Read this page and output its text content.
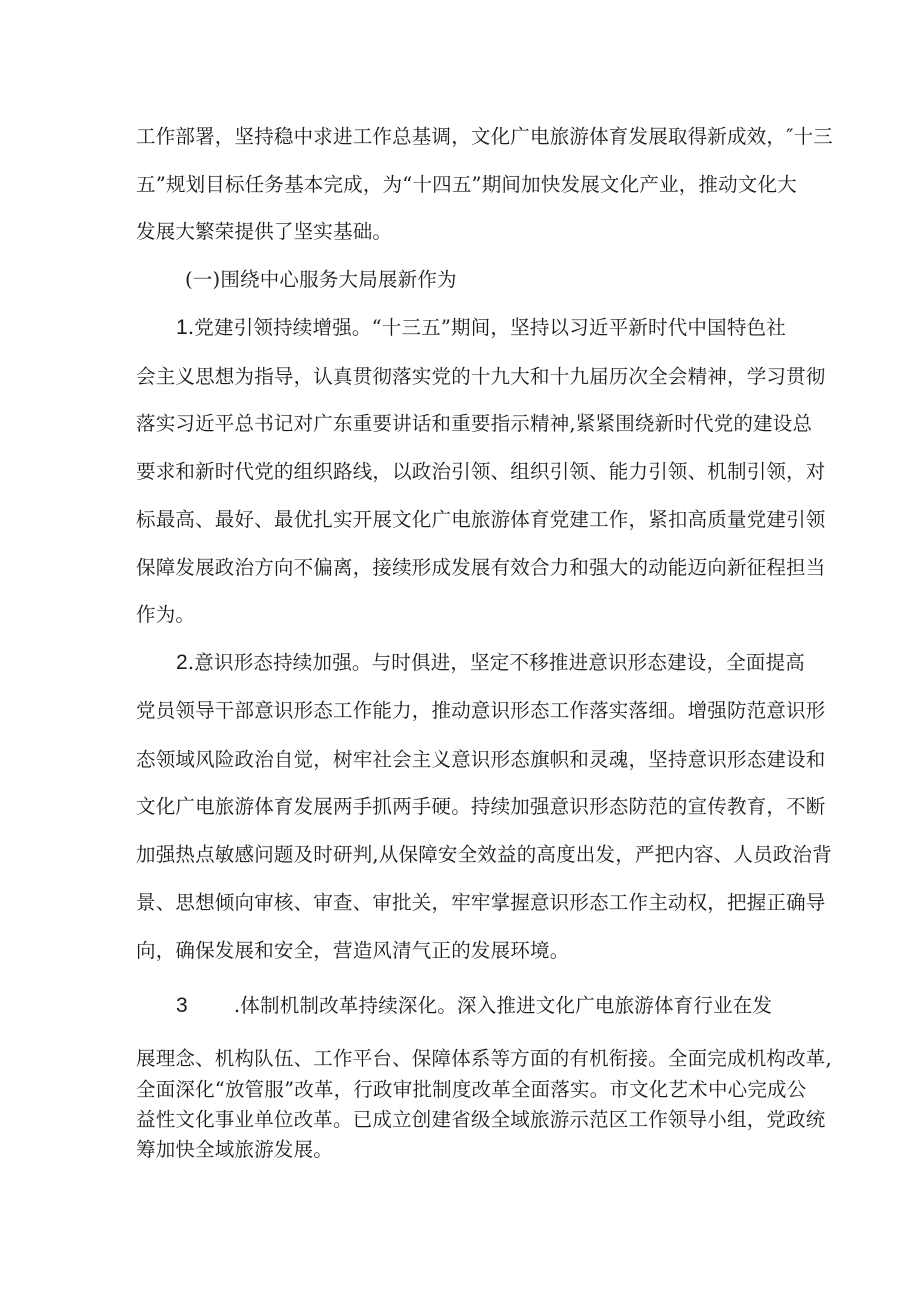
工作部署，坚持稳中求进工作总基调，文化广电旅游体育发展取得新成效，″十三
五”规划目标任务基本完成，为“十四五”期间加快发展文化产业，推动文化大
发展大繁荣提供了坚实基础。
(一)围绕中心服务大局展新作为
1.党建引领持续增强。“十三五”期间，坚持以习近平新时代中国特色社
会主义思想为指导，认真贯彻落实党的十九大和十九届历次全会精神，学习贯彻
落实习近平总书记对广东重要讲话和重要指示精神,紧紧围绕新时代党的建设总
要求和新时代党的组织路线，以政治引领、组织引领、能力引领、机制引领，对
标最高、最好、最优扎实开展文化广电旅游体育党建工作，紧扣高质量党建引领
保障发展政治方向不偏离，接续形成发展有效合力和强大的动能迈向新征程担当
作为。
2.意识形态持续加强。与时俱进，坚定不移推进意识形态建设，全面提高
党员领导干部意识形态工作能力，推动意识形态工作落实落细。增强防范意识形
态领域风险政治自觉，树牢社会主义意识形态旗帜和灵魂，坚持意识形态建设和
文化广电旅游体育发展两手抓两手硬。持续加强意识形态防范的宣传教育，不断
加强热点敏感问题及时研判,从保障安全效益的高度出发，严把内容、人员政治背
景、思想倾向审核、审查、审批关，牢牢掌握意识形态工作主动权，把握正确导
向，确保发展和安全，营造风清气正的发展环境。
3 .体制机制改革持续深化。深入推进文化广电旅游体育行业在发
展理念、机构队伍、工作平台、保障体系等方面的有机衔接。全面完成机构改革,
全面深化“放管服”改革，行政审批制度改革全面落实。市文化艺术中心完成公
益性文化事业单位改革。已成立创建省级全域旅游示范区工作领导小组，党政统
筹加快全域旅游发展。
